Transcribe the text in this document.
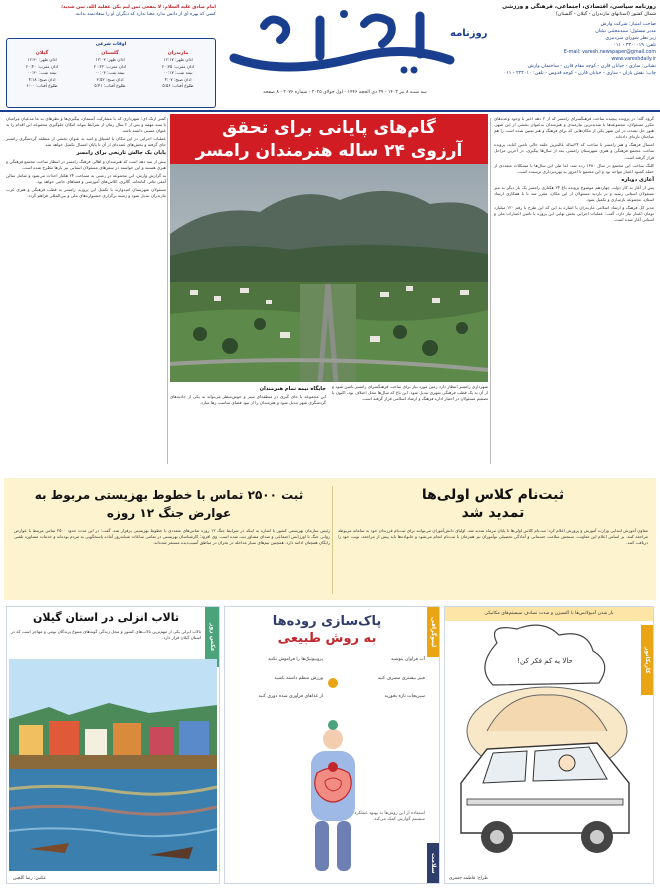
روزنامه سیاسی، اقتصادی، اجتماعی، فرهنگی و ورزشی
شمال کشور (استانهای مازندران - گیلان - گلستان)
صاحب امتیاز: شرکت وارش
مدیر مسئول: سیدمجتبی نبئیان
زیر نظر شورای سردبیری
تلفن: ۳۳۰۰۰۱۹ - ۰۱۱
E-mail: varesh.newspaper@gmail.com
www.vareshdaily.ir
نشانی: ساری - خیابان قارن - کوچه مقام قارن - ساختمان وارش
چاپ: نقش باران - ساری - خیابان قارن - کوچه قدوس - تلفن: ۲۲۴۰۱۰ - ۰۱۱
روزنامه
وارش
سه شنبه ۸ تیر ۱۴۰۳ - ۲۷ ذی الحجه ۱۴۴۶ - اول جولای ۲۰۲۵ - شماره ۲۰۷۶ - ۸ صفحه
امام صادق علیه السلام: لا ینفعی ثمن لیم بکن عقلیه الله، ثمن شدید؛
کسی که بهره ای از دانش ندارد معنا ندارد که دیگران او را سعادتمند بدانند.
اوقات شرعی
مازندران
اذان ظهر: ۱۲:۱۷
اذان مغرب: ۲۰:۳۵
نیمه شب: ۰۰:۱۷
اذان صبح: ۴:۰۷
طلوع آفتاب: ۵:۵۶
گلستان
اذان ظهر: ۱۲:۰۳
اذان مغرب: ۲۰:۲۲
نیمه شب: ۰۰:۰۳
اذان صبح: ۳:۵۲
طلوع آفتاب: ۵:۴۱
گیلان
اذان ظهر: ۱۲:۳۰
اذان مغرب: ۲۰:۴۰
نیمه شب: ۰۰:۳۰
اذان صبح: ۴:۱۸
طلوع آفتاب: ۶:۰۰
گام‌های پایانی برای تحقق
آرزوی ۲۴ ساله هنرمندان رامسر

شهرداری رامسر انتظار دارد زمین مورد نیاز برای ساخت فرهنگسرای رامسر تامین شود و از آن به یک قطب فرهنگی شهری تبدیل شود. این باغ که سال‌ها محل اختلاف بود، اکنون با تصمیم مسئولان در اختیار اداره فرهنگ و ارشاد اسلامی قرار گرفته است.

جایگاه نیمه تمام هنرمندان

این مجموعه با جای گیری در منطقه‌ای سبز و خوش‌منظر می‌تواند به یکی از جاذبه‌های گردشگری شهر تبدیل شود و هنرمندان را از نبود فضای مناسب رها سازد.

گروه گلد: در پرونده پیچیده ساخت فرهنگسرای رامسر که از ۲ دهه اخیر با وجود وعده‌های مکرر مسئولان، مجموعه‌ها با شدیدترین نیازمندی و هنرمندان به‌عنوان بخشی از این شهر، هنوز حل نشده، در این شهر یکی از مکان‌هایی که برای فرهنگ و هنر تعیین شده است را هم صاحبان تازه‌ای داده‌اند.

امسال فرهنگ و هنر رامسر با ساخت که ۲۴ساله عالیترین حلقه خالی تامین کنایه، پرونده ساخت مجتمع فرهنگی و هنری شهرستان رامسر، بعد از سال‌ها پیگیری، در آخرین مراحل قرار گرفته است.

کلنگ ساخت این مجتمع در سال ۱۳۸۰ زده شد، اما طی این سال‌ها با مشکلات متعددی از جمله کمبود اعتبار مواجه بود و این مجتمع تا امروز به بهره‌برداری نرسیده است.

آغازی دوباره

پس از آغاز به کار دولت چهاردهم موضوع پرونده باغ ۲۴ هکتاری رامسر یک بار دیگر به میز مسئولان استانی رسید و در بازدید مسئولان از این مکان، مقرر شد تا با همکاری ارشاد استان، مجموعه بازسازی و تکمیل شود.

مدیر کل فرهنگ و ارشاد اسلامی مازندران با اشاره به این که این طرح با رقم ۱۲۰ میلیارد تومان اعتبار نیاز دارد، گفت: عملیات اجرایی بخش نهایی این پروژه با تامین اعتبارات ملی و استانی آغاز شده است.

کمتر ازتک ای: شهرداری که با مشارکت آستمان، پیگیری‌ها و نظرهای به ما مدعیان مرامیان با سند مهمه و پس از ۲ سال زمان از شرایط بتواند امکان جلوگیری مجموعه این اقدام را به عنوان مستی داشته باشد.

عملیات اجرایی در این مکان با اشتیاق و امید به عنوان بخشی از منطقه گردشگری رامسر جای گرفته و بخش‌های عمده‌ای از آن تا پایان امسال تکمیل خواهد شد.

پایان یک چالش تاریخی برای رامسر

بیش از سه دهه است که هنرمندان و اهالی فرهنگ رامسر در انتظار ساخت مجتمع فرهنگی و هنری هستند و این خواسته در سفرهای مسئولان استانی نیز بارها مطرح شده است.

به گزارش وارش، این مجموعه در زمینی به مساحت ۲۴ هکتار احداث می‌شود و شامل سالن آمفی تئاتر، کتابخانه، گالری، کلاس‌های آموزشی و فضاهای جانبی خواهد بود.

مسئولان شهرستان امیدوارند با تکمیل این پروژه، رامسر به قطب فرهنگی و هنری غرب مازندران تبدیل شود و زمینه برگزاری جشنواره‌های ملی و بین‌المللی فراهم گردد.

ثبت‌نام کلاس اولی‌ها
تمدید شد
معاون آموزش ابتدایی وزارت آموزش و پرورش اعلام کرد: ثبت‌نام کلاس اولی‌ها تا پایان تیرماه تمدید شد. اولیای دانش‌آموزان می‌توانند برای ثبت‌نام فرزندان خود به سامانه مربوطه مراجعه کنند. بر اساس اعلام این معاونت، سنجش سلامت جسمانی و آمادگی تحصیلی نوآموزان نیز همزمان با ثبت‌نام انجام می‌شود و خانواده‌ها باید پیش از مراجعه، نوبت خود را دریافت کنند.
ثبت ۲۵۰۰ تماس با خطوط بهزیستی مربوط به عوارض جنگ ۱۲ روزه
رئیس سازمان بهزیستی کشور با اشاره به اینکه در شرایط جنگ ۱۲ روزه تماس‌های متعددی با خطوط بهزیستی برقرار شد، گفت: در این مدت حدود ۲۵۰۰ تماس مرتبط با عوارض روانی جنگ با اورژانس اجتماعی و صدای مشاور ثبت شده است. وی افزود: کارشناسان بهزیستی در تمامی ساعات شبانه‌روز آماده پاسخگویی به مردم بوده‌اند و خدمات مشاوره تلفنی رایگان همچنان ادامه دارد. همچنین تیم‌های سیار مداخله در بحران در مناطق آسیب‌دیده مستقر شده‌اند.
بار شدن آمبولانس‌ها با اکسیژن و شدت تصادف سیستم‌های مکانیکی
کاریکاتور
حالا یه کم فکر کن!
طراح: فاطمه جعفری
لینوگرافی
پاک‌سازی روده‌ها
به روش طبیعی
آب فراوان بنوشید
فیبر بیشتری مصرف کنید
سبزیجات تازه بخورید
پروبیوتیک‌ها را فراموش نکنید
ورزش منظم داشته باشید
از غذاهای فرآوری شده دوری کنید
استفاده از این روش‌ها به بهبود عملکرد سیستم گوارش کمک می‌کند.
سلامت
عکس روز
تالاب انزلی در استان گیلان
تالاب انزلی یکی از مهم‌ترین تالاب‌های کشور و محل زندگی گونه‌های متنوع پرندگان بومی و مهاجر است که در استان گیلان قرار دارد.
عکس: رضا گلچین
